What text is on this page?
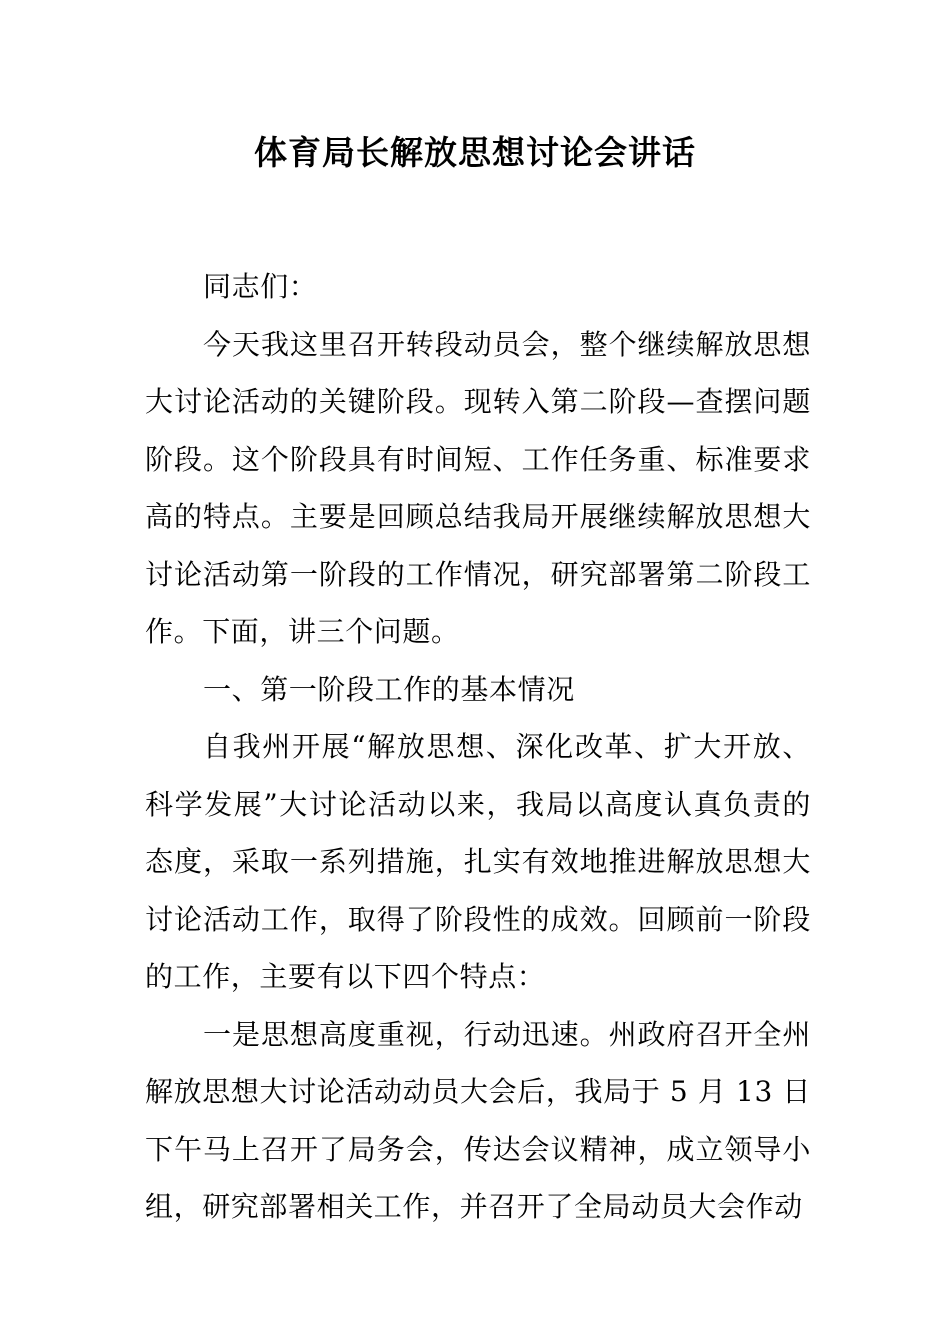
体育局长解放思想讨论会讲话

同志们：

今天我这里召开转段动员会，整个继续解放思想大讨论活动的关键阶段。现转入第二阶段—查摆问题阶段。这个阶段具有时间短、工作任务重、标准要求高的特点。主要是回顾总结我局开展继续解放思想大讨论活动第一阶段的工作情况，研究部署第二阶段工作。下面，讲三个问题。

一、第一阶段工作的基本情况

自我州开展“解放思想、深化改革、扩大开放、科学发展”大讨论活动以来，我局以高度认真负责的态度，采取一系列措施，扎实有效地推进解放思想大讨论活动工作，取得了阶段性的成效。回顾前一阶段的工作，主要有以下四个特点：

一是思想高度重视，行动迅速。州政府召开全州解放思想大讨论活动动员大会后，我局于 5 月 13 日下午马上召开了局务会，传达会议精神，成立领导小组，研究部署相关工作，并召开了全局动员大会作动
